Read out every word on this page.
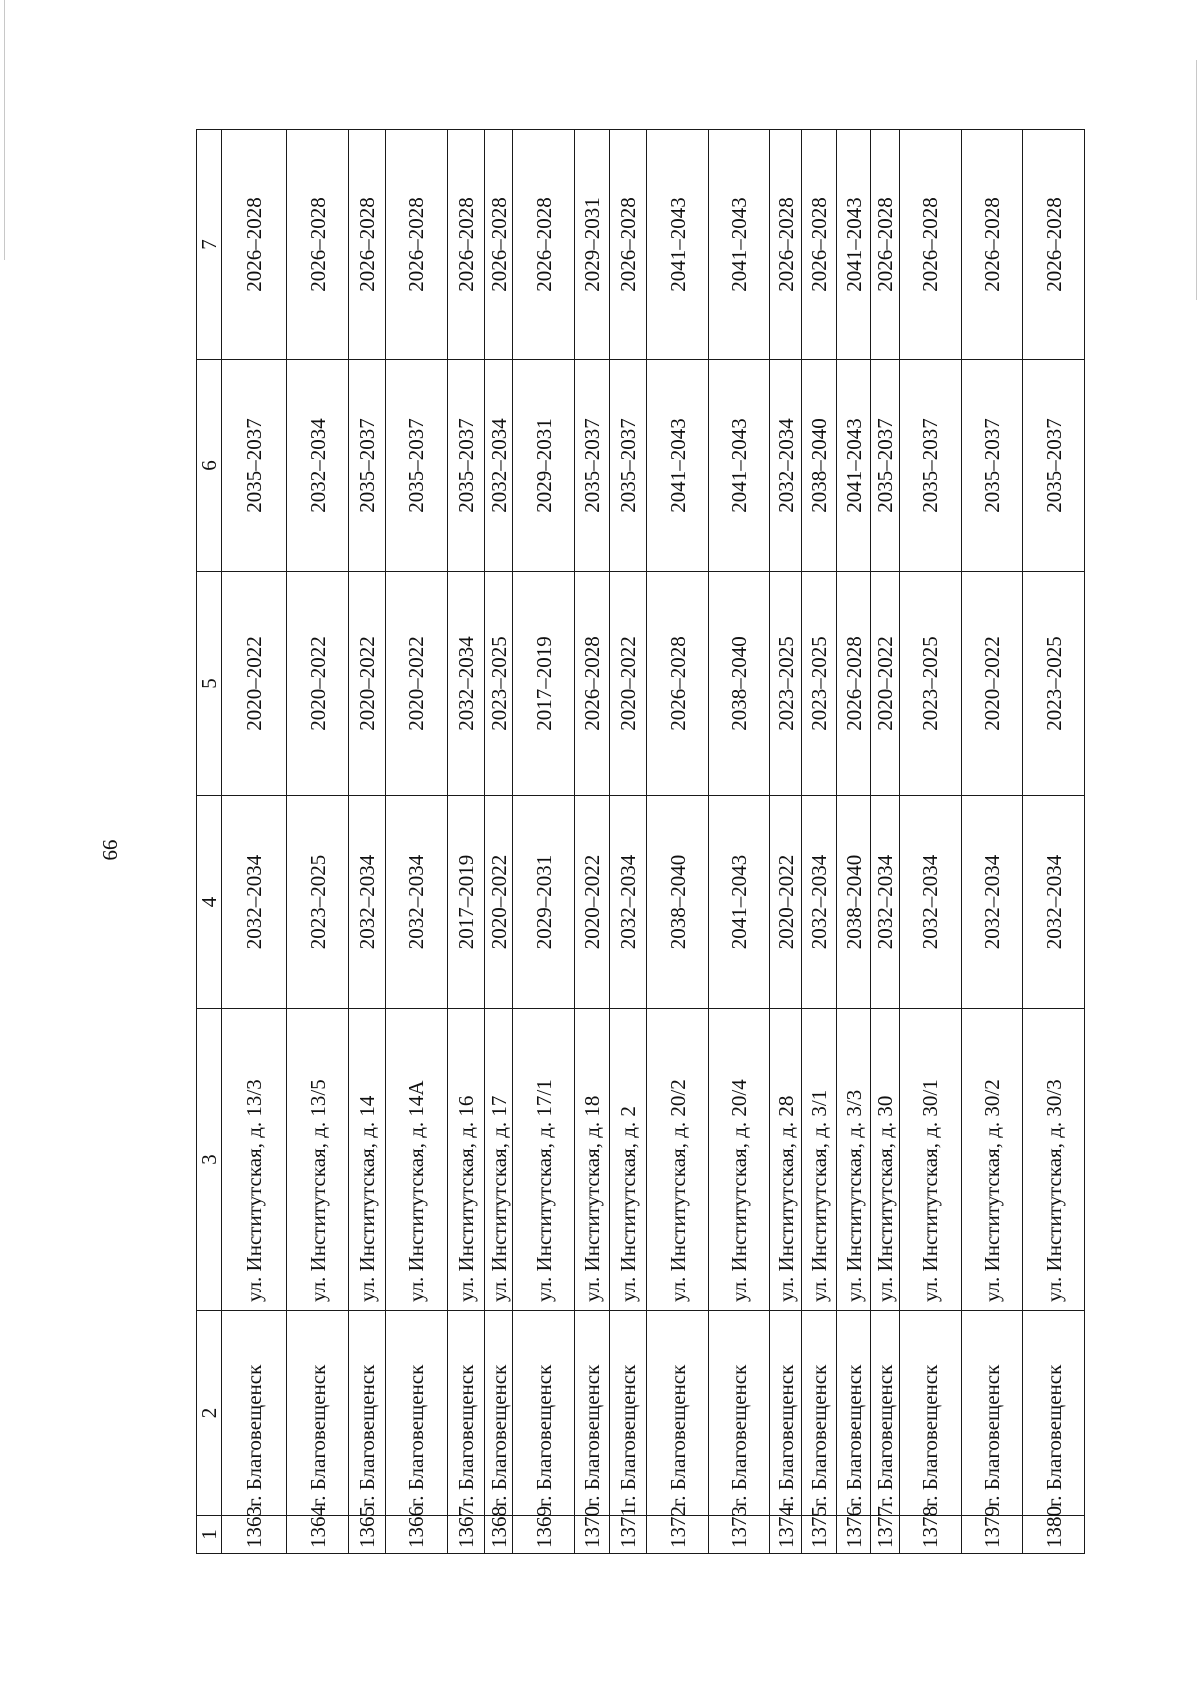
99
1	2	3	4	5	6	7
1363	г. Благовещенск	ул. Институтская, д. 13/3	2032–2034	2020–2022	2035–2037	2026–2028
1364	г. Благовещенск	ул. Институтская, д. 13/5	2023–2025	2020–2022	2032–2034	2026–2028
1365	г. Благовещенск	ул. Институтская, д. 14	2032–2034	2020–2022	2035–2037	2026–2028
1366	г. Благовещенск	ул. Институтская, д. 14А	2032–2034	2020–2022	2035–2037	2026–2028
1367	г. Благовещенск	ул. Институтская, д. 16	2017–2019	2032–2034	2035–2037	2026–2028
1368	г. Благовещенск	ул. Институтская, д. 17	2020–2022	2023–2025	2032–2034	2026–2028
1369	г. Благовещенск	ул. Институтская, д. 17/1	2029–2031	2017–2019	2029–2031	2026–2028
1370	г. Благовещенск	ул. Институтская, д. 18	2020–2022	2026–2028	2035–2037	2029–2031
1371	г. Благовещенск	ул. Институтская, д. 2	2032–2034	2020–2022	2035–2037	2026–2028
1372	г. Благовещенск	ул. Институтская, д. 20/2	2038–2040	2026–2028	2041–2043	2041–2043
1373	г. Благовещенск	ул. Институтская, д. 20/4	2041–2043	2038–2040	2041–2043	2041–2043
1374	г. Благовещенск	ул. Институтская, д. 28	2020–2022	2023–2025	2032–2034	2026–2028
1375	г. Благовещенск	ул. Институтская, д. 3/1	2032–2034	2023–2025	2038–2040	2026–2028
1376	г. Благовещенск	ул. Институтская, д. 3/3	2038–2040	2026–2028	2041–2043	2041–2043
1377	г. Благовещенск	ул. Институтская, д. 30	2032–2034	2020–2022	2035–2037	2026–2028
1378	г. Благовещенск	ул. Институтская, д. 30/1	2032–2034	2023–2025	2035–2037	2026–2028
1379	г. Благовещенск	ул. Институтская, д. 30/2	2032–2034	2020–2022	2035–2037	2026–2028
1380	г. Благовещенск	ул. Институтская, д. 30/3	2032–2034	2023–2025	2035–2037	2026–2028
